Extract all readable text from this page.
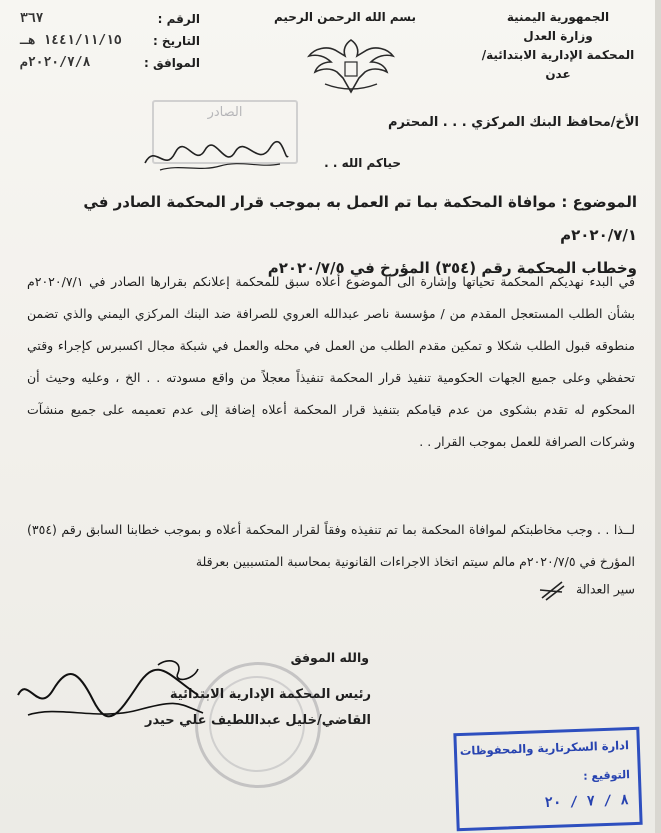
الجمهورية اليمنية
وزارة العدل
المحكمة الإدارية الابتدائية/عدن
بسم الله الرحمن الرحيم
الرقم :
٣٦٧
التاريخ :
١٤٤١/١١/١٥ هـ
الموافق :
٢٠٢٠/٧/٨م
الصادر
الأخ/محافظ البنك المركزي . . . المحترم
حياكم الله . .
الموضوع : موافاة المحكمة بما تم العمل به بموجب قرار المحكمة الصادر في ٢٠٢٠/٧/١م
وخطاب المحكمة رقم (٣٥٤) المؤرخ في ٢٠٢٠/٧/٥م
في البدء نهديكم المحكمة تحياتها وإشارة الى الموضوع أعلاه سبق للمحكمة إعلانكم بقرارها الصادر في ٢٠٢٠/٧/١م بشأن الطلب المستعجل المقدم من / مؤسسة ناصر عبدالله العروي للصرافة ضد البنك المركزي اليمني والذي تضمن منطوقه قبول الطلب شكلا و تمكين مقدم الطلب من العمل في محله والعمل في شبكة مجال اكسبرس كإجراء وقتي تحفظي وعلى جميع الجهات الحكومية تنفيذ قرار المحكمة تنفيذاً معجلاً من واقع مسودته . . الخ ، وعليه وحيث أن المحكوم له تقدم بشكوى من عدم قيامكم بتنفيذ قرار المحكمة أعلاه إضافة إلى عدم تعميمه على جميع منشآت وشركات الصرافة للعمل بموجب القرار . .
لــذا . . وجب مخاطبتكم لموافاة المحكمة بما تم تنفيذه وفقاً لقرار المحكمة أعلاه و بموجب خطابنا السابق رقم (٣٥٤) المؤرخ في ٢٠٢٠/٧/٥م مالم سيتم اتخاذ الاجراءات القانونية بمحاسبة المتسببين بعرقلة
سير العدالة
والله الموفق
رئيس المحكمة الإدارية الابتدائية
القاضي/خليل عبداللطيف علي حيدر
ادارة السكرتارية والمحفوظات
التوقيع :
٨ / ٧ / ٢٠
